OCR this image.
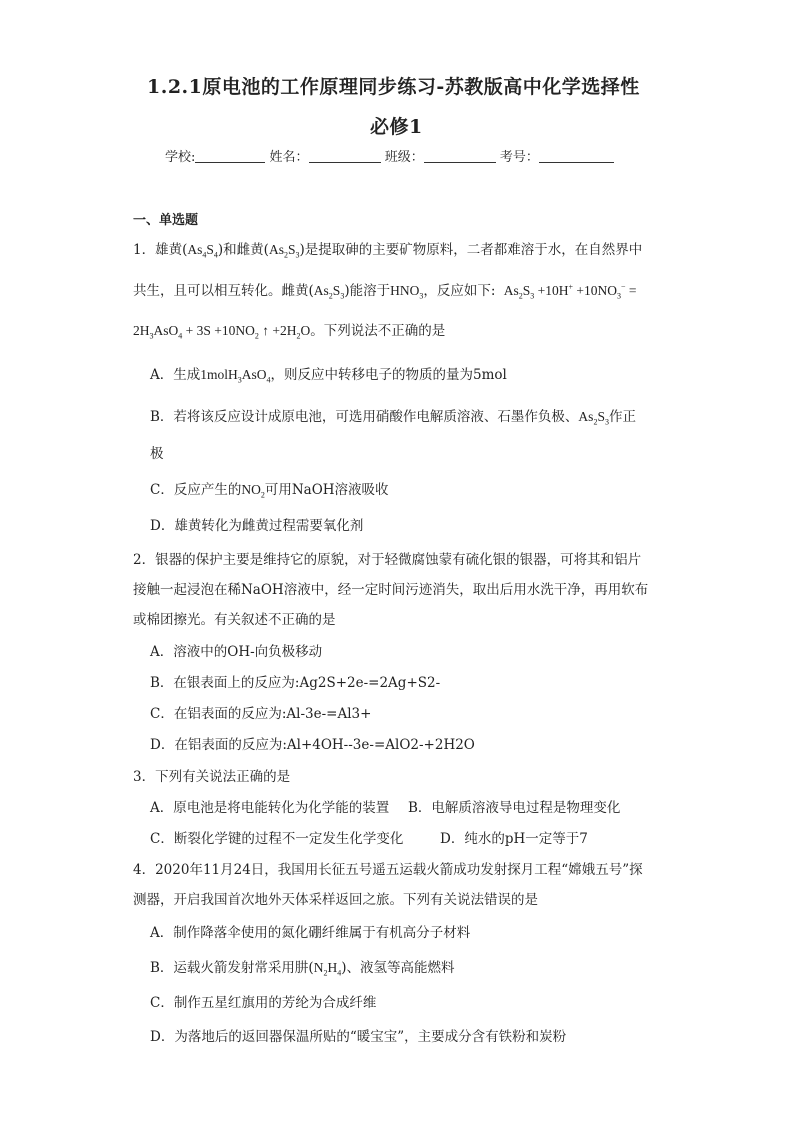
1.2.1原电池的工作原理同步练习-苏教版高中化学选择性
必修1
学校:	姓名：	班级：	考号：
一、单选题
1．雄黄$(As_4S_4)$和雌黄$(As_2S_3)$是提取砷的主要矿物原料，二者都难溶于水，在自然界中
共生，且可以相互转化。雌黄$(As_2S_3)$能溶于$HNO_3$，反应如下: $As_2S_3 +10H^+ +10NO_3^-$ =
$2H_3AsO_4 + 3S +10NO_2$ ↑ $+2H_2O$。下列说法不正确的是
A．生成1molH$_3$AsO$_4$，则反应中转移电子的物质的量为5mol
B．若将该反应设计成原电池，可选用硝酸作电解质溶液、石墨作负极、$As_2S_3$作正
极
C．反应产生的$NO_2$可用NaOH溶液吸收
D．雄黄转化为雌黄过程需要氧化剂
2．银器的保护主要是维持它的原貌，对于轻微腐蚀蒙有硫化银的银器，可将其和铝片
接触一起浸泡在稀NaOH溶液中，经一定时间污迹消失，取出后用水洗干净，再用软布
或棉团擦光。有关叙述不正确的是
A．溶液中的OH-向负极移动
B．在银表面上的反应为:Ag2S+2e-=2Ag+S2-
C．在铝表面的反应为:Al-3e-=Al3+
D．在铝表面的反应为:Al+4OH--3e-=AlO2-+2H2O
3．下列有关说法正确的是
A．原电池是将电能转化为化学能的装置 B．电解质溶液导电过程是物理变化
C．断裂化学键的过程不一定发生化学变化	D．纯水的pH一定等于7
4．2020年11月24日，我国用长征五号遥五运载火箭成功发射探月工程“嫦娥五号”探
测器，开启我国首次地外天体采样返回之旅。下列有关说法错误的是
A．制作降落伞使用的氮化硼纤维属于有机高分子材料
B．运载火箭发射常采用肼$(N_2H_4)$、液氢等高能燃料
C．制作五星红旗用的芳纶为合成纤维
D．为落地后的返回器保温所贴的“暖宝宝”，主要成分含有铁粉和炭粉
